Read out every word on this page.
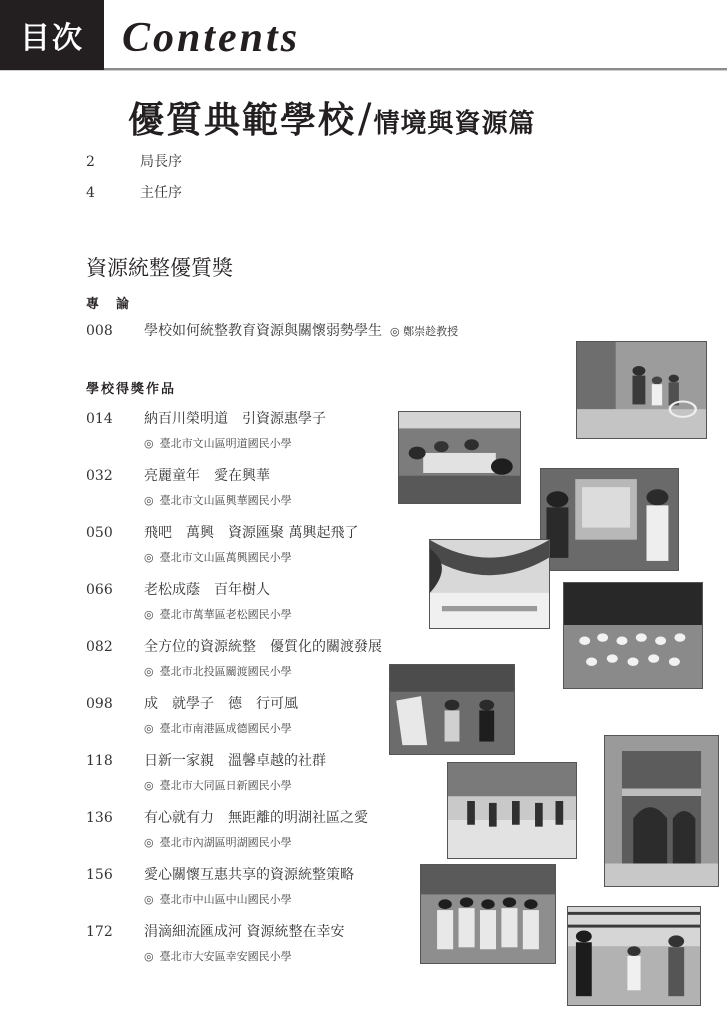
目次 Contents
優質典範學校/情境與資源篇
2	局長序
4	主任序
資源統整優質獎
專　論
008 學校如何統整教育資源與關懷弱勢學生 ◎ 鄭崇趁教授
學校得獎作品
014 納百川榮明道　引資源惠學子
◎ 臺北市文山區明道國民小學
032 亮麗童年　愛在興華
◎ 臺北市文山區興華國民小學
050 飛吧　萬興　資源匯聚 萬興起飛了
◎ 臺北市文山區萬興國民小學
066 老松成蔭　百年樹人
◎ 臺北市萬華區老松國民小學
082 全方位的資源統整　優質化的關渡發展
◎ 臺北市北投區關渡國民小學
098 成　就學子　德　行可風
◎ 臺北市南港區成德國民小學
118 日新一家親　溫馨卓越的社群
◎ 臺北市大同區日新國民小學
136 有心就有力　無距離的明湖社區之愛
◎ 臺北市內湖區明湖國民小學
156 愛心關懷互惠共享的資源統整策略
◎ 臺北市中山區中山國民小學
172 涓滴細流匯成河 資源統整在幸安
◎ 臺北市大安區幸安國民小學
